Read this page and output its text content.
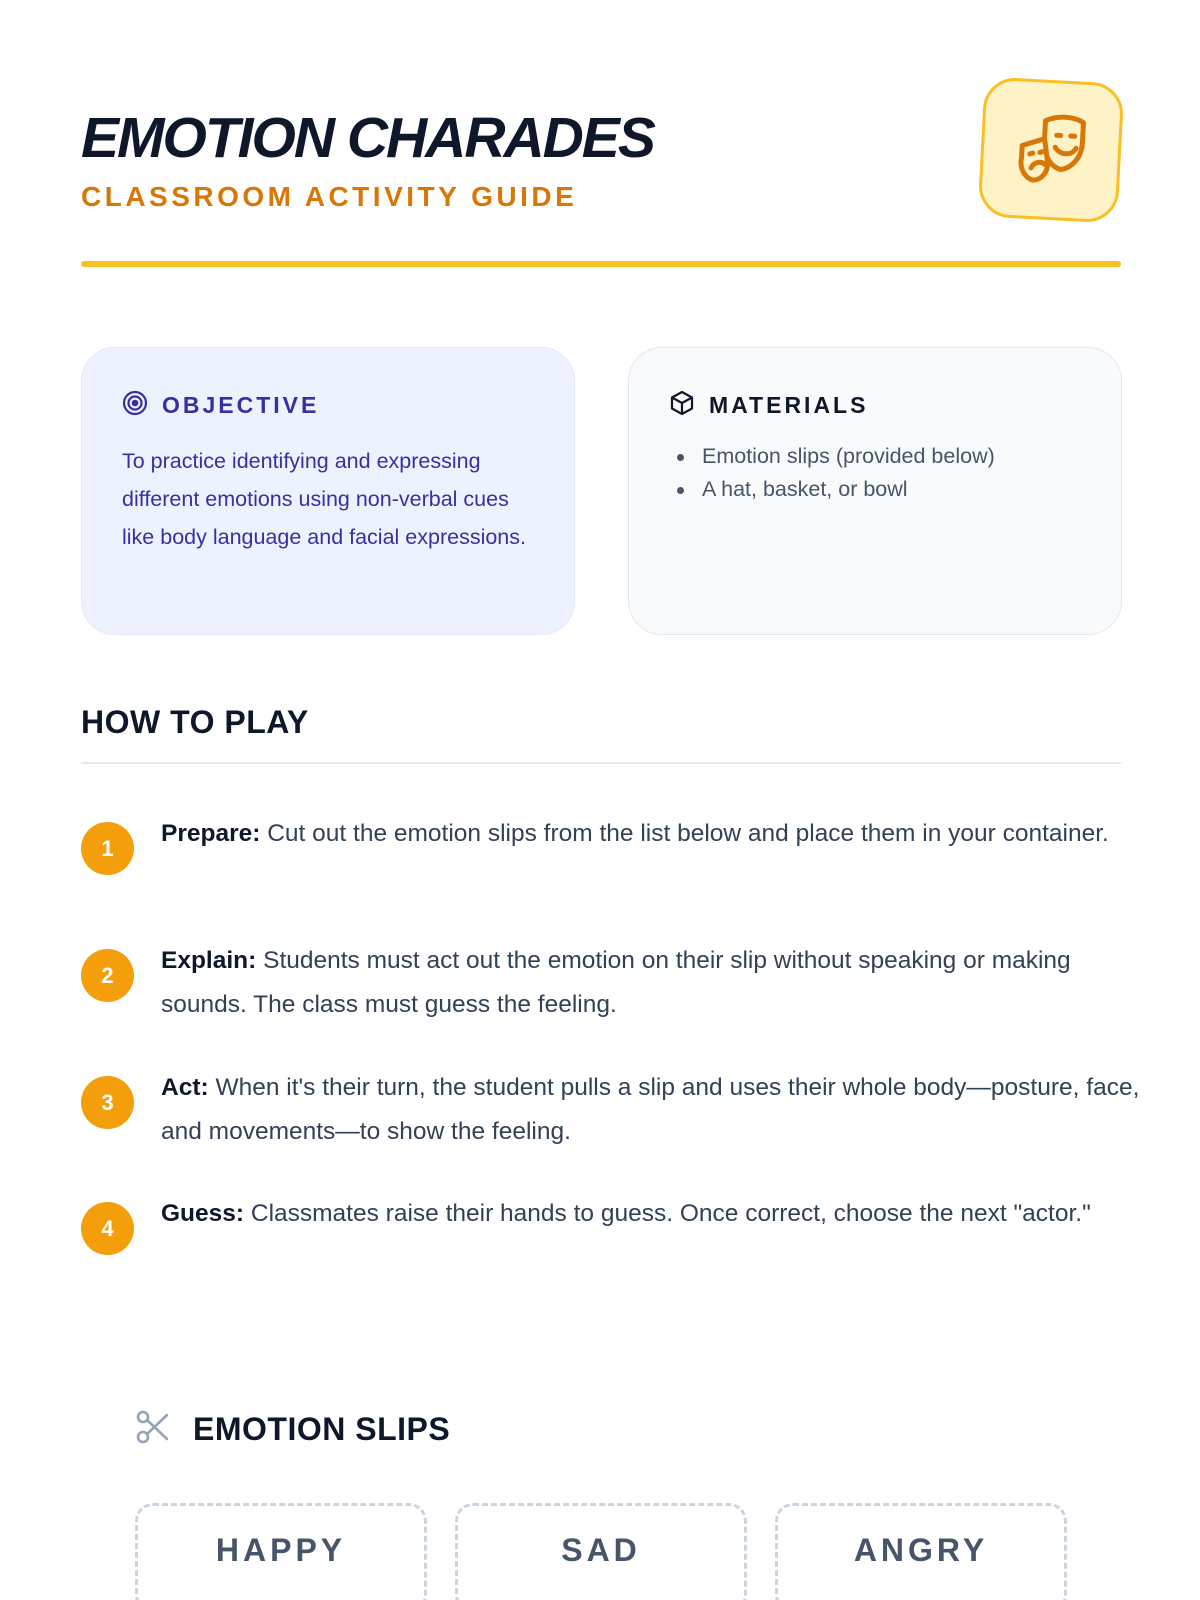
EMOTION CHARADES
CLASSROOM ACTIVITY GUIDE
OBJECTIVE

To practice identifying and expressing different emotions using non-verbal cues like body language and facial expressions.

MATERIALS
Emotion slips (provided below)
A hat, basket, or bowl
HOW TO PLAY
1

Prepare: Cut out the emotion slips from the list below and place them in your container.

2

Explain: Students must act out the emotion on their slip without speaking or making sounds. The class must guess the feeling.

3

Act: When it's their turn, the student pulls a slip and uses their whole body—posture, face, and movements—to show the feeling.

4

Guess: Classmates raise their hands to guess. Once correct, choose the next "actor."

EMOTION SLIPS
HAPPY	SAD	ANGRY
